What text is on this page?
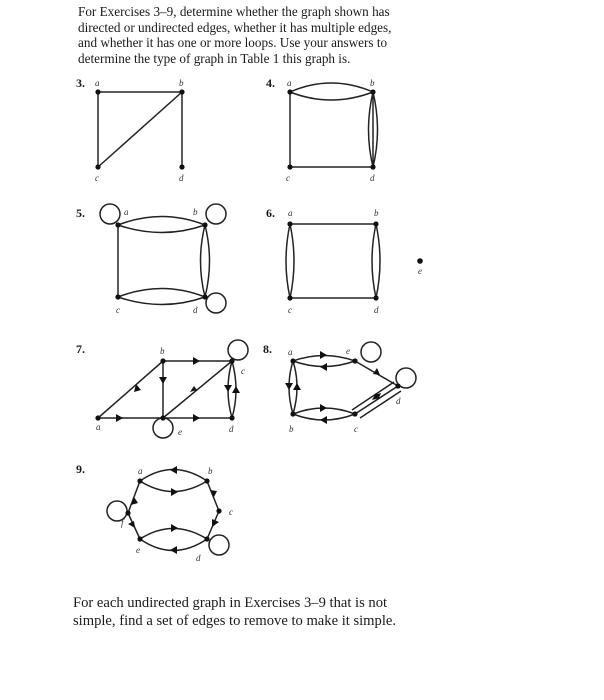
For Exercises 3–9, determine whether the graph shown has
directed or undirected edges, whether it has multiple edges,
and whether it has one or more loops. Use your answers to
determine the type of graph in Table 1 this graph is.

3.	4.
5.	6.
7.	8.
9.
a	b
c	d
a	b
c	d
a	b
c	d
a	b
c	d
e
a
b
c
d
e
a
b	c
d
e
a	b
c
d
e
f

For each undirected graph in Exercises 3–9 that is not
simple, find a set of edges to remove to make it simple.
